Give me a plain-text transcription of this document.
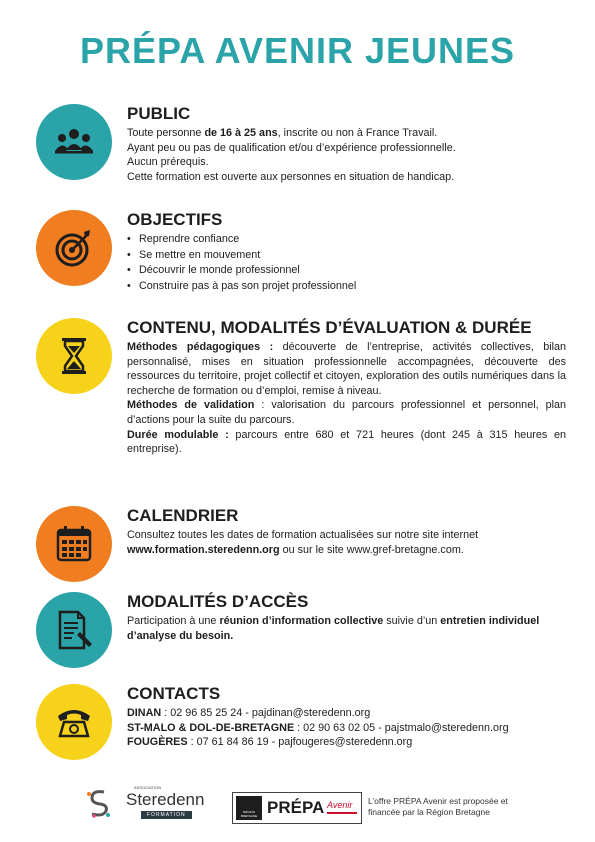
PRÉPA AVENIR JEUNES
PUBLIC

Toute personne de 16 à 25 ans, inscrite ou non à France Travail.

Ayant peu ou pas de qualification et/ou d’expérience professionnelle.

Aucun prérequis.

Cette formation est ouverte aux personnes en situation de handicap.

OBJECTIFS
• Reprendre confiance
• Se mettre en mouvement
• Découvrir le monde professionnel
• Construire pas à pas son projet professionnel
CONTENU, MODALITÉS D’ÉVALUATION & DURÉE

Méthodes pédagogiques : découverte de l’entreprise, activités collectives, bilan personnalisé, mises en situation professionnelle accompagnées, découverte des ressources du territoire, projet collectif et citoyen, exploration des outils numériques dans la recherche de formation ou d’emploi, remise à niveau.

Méthodes de validation : valorisation du parcours professionnel et personnel, plan d’actions pour la suite du parcours.

Durée modulable : parcours entre 680 et 721 heures (dont 245 à 315 heures en entreprise).

CALENDRIER

Consultez toutes les dates de formation actualisées sur notre site internet

www.formation.steredenn.org ou sur le site www.gref-bretagne.com.

MODALITÉS D’ACCÈS

Participation à une réunion d’information collective suivie d’un entretien individuel d’analyse du besoin.

CONTACTS

DINAN : 02 96 85 25 24 - pajdinan@steredenn.org

ST-MALO & DOL-DE-BRETAGNE : 02 90 63 02 05 - pajstmalo@steredenn.org

FOUGÈRES : 07 61 84 86 19 - pajfougeres@steredenn.org

ASSOCIATION
Steredenn
FORMATION	RÉGION BRETAGNE PRÉPA Avenir L’offre PRÉPA Avenir est proposée et
financée par la Région Bretagne
